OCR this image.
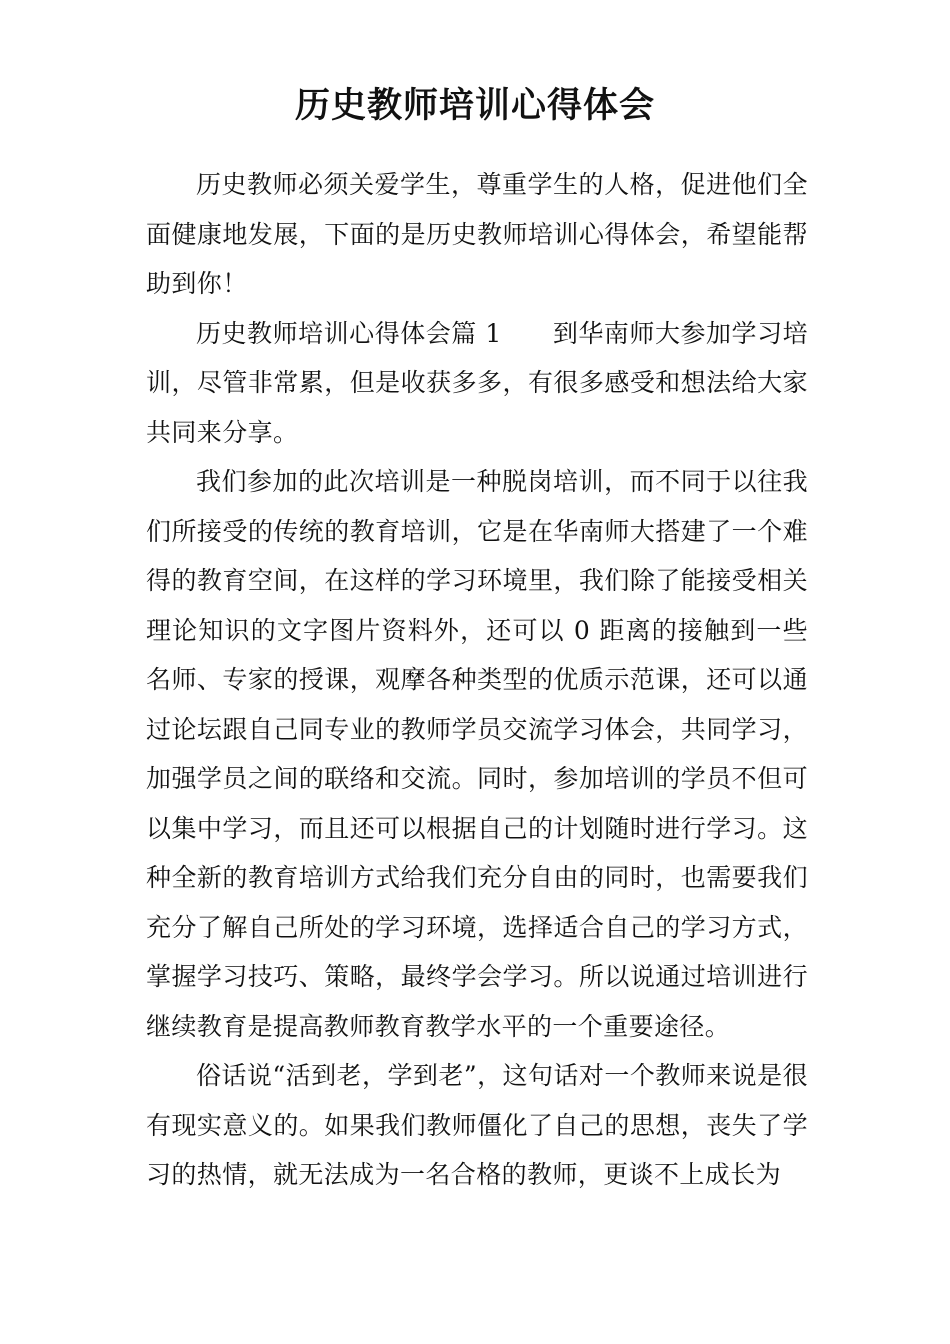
历史教师培训心得体会

历史教师必须关爱学生，尊重学生的人格，促进他们全面健康地发展，下面的是历史教师培训心得体会，希望能帮助到你！

历史教师培训心得体会篇 1　　到华南师大参加学习培训，尽管非常累，但是收获多多，有很多感受和想法给大家共同来分享。

我们参加的此次培训是一种脱岗培训，而不同于以往我们所接受的传统的教育培训，它是在华南师大搭建了一个难得的教育空间，在这样的学习环境里，我们除了能接受相关理论知识的文字图片资料外，还可以 0 距离的接触到一些名师、专家的授课，观摩各种类型的优质示范课，还可以通过论坛跟自己同专业的教师学员交流学习体会，共同学习，加强学员之间的联络和交流。同时，参加培训的学员不但可以集中学习，而且还可以根据自己的计划随时进行学习。这种全新的教育培训方式给我们充分自由的同时，也需要我们充分了解自己所处的学习环境，选择适合自己的学习方式，掌握学习技巧、策略，最终学会学习。所以说通过培训进行继续教育是提高教师教育教学水平的一个重要途径。

俗话说“活到老，学到老”，这句话对一个教师来说是很有现实意义的。如果我们教师僵化了自己的思想，丧失了学习的热情，就无法成为一名合格的教师，更谈不上成长为
